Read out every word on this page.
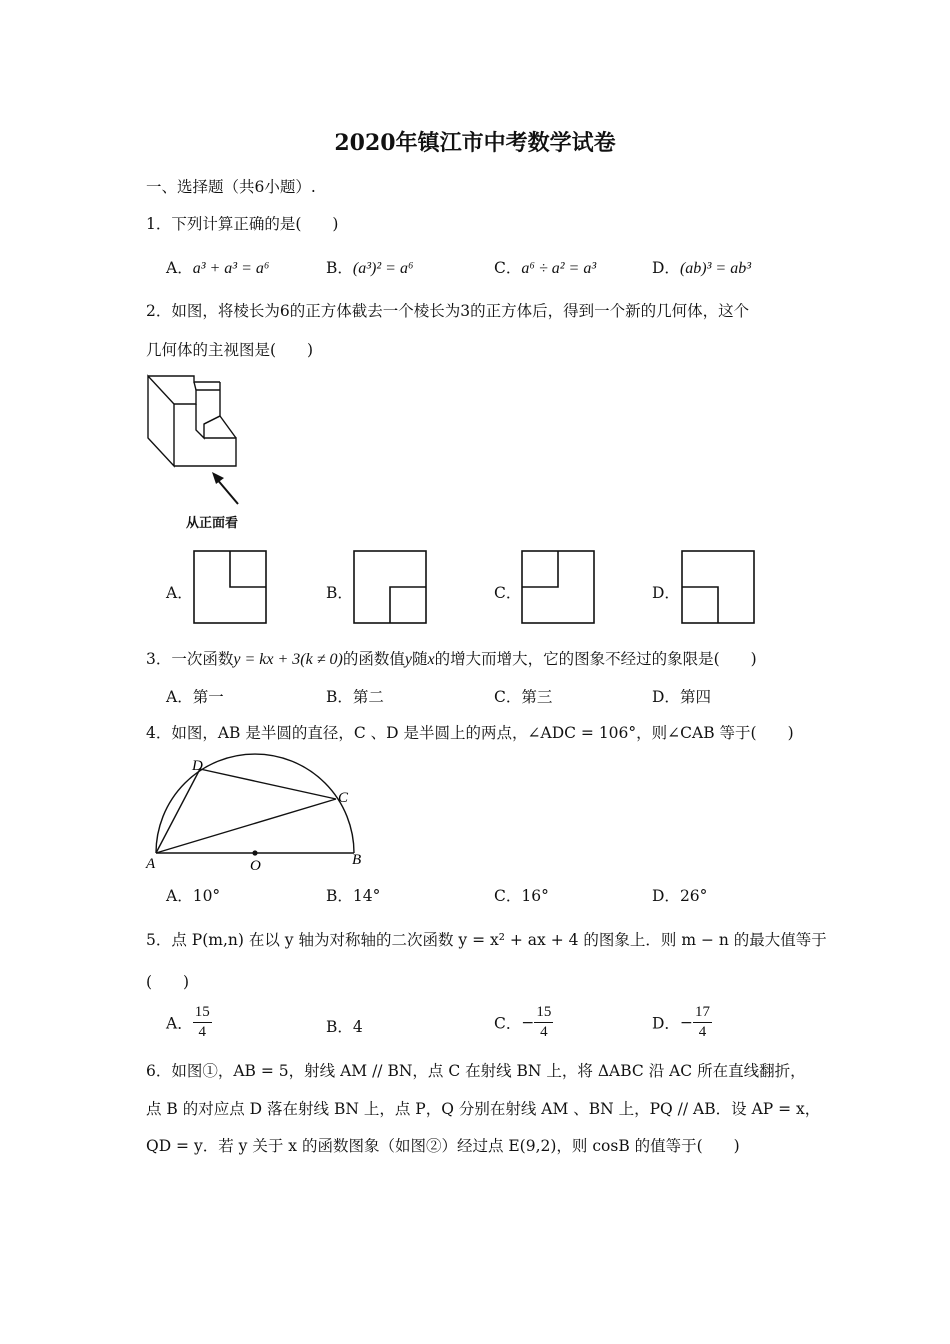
2020年镇江市中考数学试卷
一、选择题（共6小题）.
1．下列计算正确的是(　　)
A．a³ + a³ = a⁶	B．(a³)² = a⁶	C．a⁶ ÷ a² = a³	D．(ab)³ = ab³
2．如图，将棱长为6的正方体截去一个棱长为3的正方体后，得到一个新的几何体，这个
几何体的主视图是(　　)
从正面看
A．	B．	C．	D．
3．一次函数y = kx + 3(k ≠ 0)的函数值y随x的增大而增大，它的图象不经过的象限是(　　)
A．第一	B．第二	C．第三	D．第四
4．如图，AB 是半圆的直径，C 、D 是半圆上的两点，∠ADC = 106°，则∠CAB 等于(　　)
A	B
C
D
O
A．10°	B．14°	C．16°	D．26°
5．点 P(m,n) 在以 y 轴为对称轴的二次函数 y = x² + ax + 4 的图象上．则 m − n 的最大值等于
(　　)
A． $\frac{15}{4}$	B．4	C．− $\frac{15}{4}$	D．− $\frac{17}{4}$
6．如图①，AB = 5，射线 AM // BN，点 C 在射线 BN 上，将 ΔABC 沿 AC 所在直线翻折，
点 B 的对应点 D 落在射线 BN 上，点 P，Q 分别在射线 AM 、BN 上，PQ // AB．设 AP = x，
QD = y．若 y 关于 x 的函数图象（如图②）经过点 E(9,2)，则 cosB 的值等于(　　)
